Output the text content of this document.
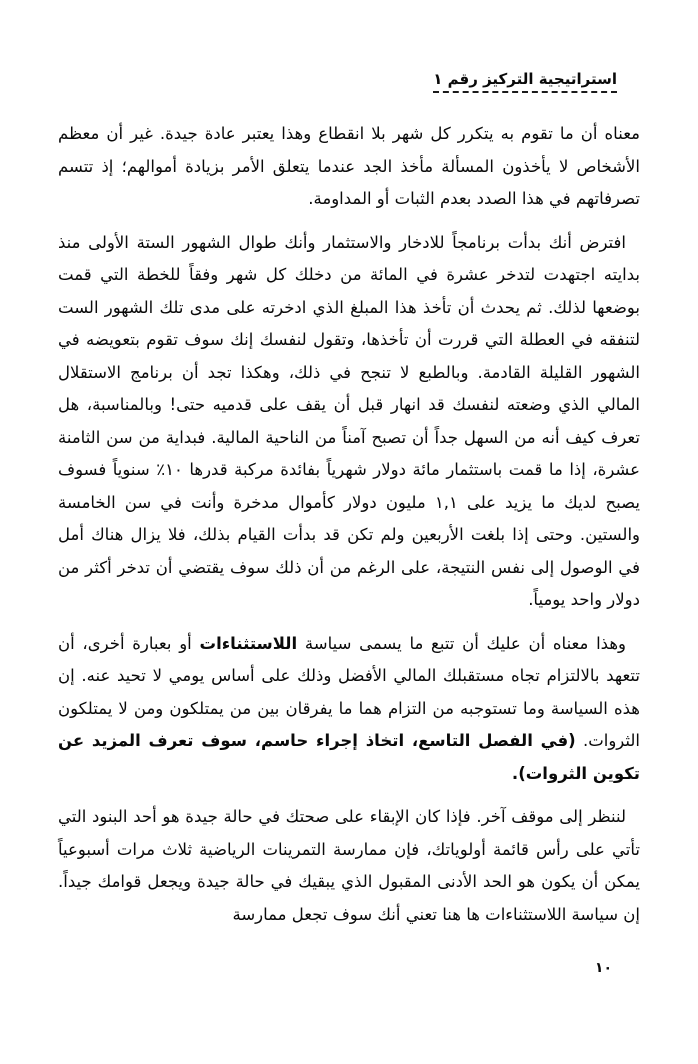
استراتيجية التركيز رقم ١

معناه أن ما تقوم به يتكرر كل شهر بلا انقطاع وهذا يعتبر عادة جيدة. غير أن معظم الأشخاص لا يأخذون المسألة مأخذ الجد عندما يتعلق الأمر بزيادة أموالهم؛ إذ تتسم تصرفاتهم في هذا الصدد بعدم الثبات أو المداومة.

افترض أنك بدأت برنامجاً للادخار والاستثمار وأنك طوال الشهور الستة الأولى منذ بدايته اجتهدت لتدخر عشرة في المائة من دخلك كل شهر وفقاً للخطة التي قمت بوضعها لذلك. ثم يحدث أن تأخذ هذا المبلغ الذي ادخرته على مدى تلك الشهور الست لتنفقه في العطلة التي قررت أن تأخذها، وتقول لنفسك إنك سوف تقوم بتعويضه في الشهور القليلة القادمة. وبالطبع لا تنجح في ذلك، وهكذا تجد أن برنامج الاستقلال المالي الذي وضعته لنفسك قد انهار قبل أن يقف على قدميه حتى! وبالمناسبة، هل تعرف كيف أنه من السهل جداً أن تصبح آمناً من الناحية المالية. فبداية من سن الثامنة عشرة، إذا ما قمت باستثمار مائة دولار شهرياً بفائدة مركبة قدرها ١٠٪ سنوياً فسوف يصبح لديك ما يزيد على ١,١ مليون دولار كأموال مدخرة وأنت في سن الخامسة والستين. وحتى إذا بلغت الأربعين ولم تكن قد بدأت القيام بذلك، فلا يزال هناك أمل في الوصول إلى نفس النتيجة، على الرغم من أن ذلك سوف يقتضي أن تدخر أكثر من دولار واحد يومياً.

وهذا معناه أن عليك أن تتبع ما يسمى سياسة اللاستثناءات أو بعبارة أخرى، أن تتعهد بالالتزام تجاه مستقبلك المالي الأفضل وذلك على أساس يومي لا تحيد عنه. إن هذه السياسة وما تستوجبه من التزام هما ما يفرقان بين من يمتلكون ومن لا يمتلكون الثروات. (في الفصل التاسع، اتخاذ إجراء حاسم، سوف تعرف المزيد عن تكوين الثروات).

لننظر إلى موقف آخر. فإذا كان الإبقاء على صحتك في حالة جيدة هو أحد البنود التي تأتي على رأس قائمة أولوياتك، فإن ممارسة التمرينات الرياضية ثلاث مرات أسبوعياً يمكن أن يكون هو الحد الأدنى المقبول الذي يبقيك في حالة جيدة ويجعل قوامك جيداً. إن سياسة اللاستثناءات ها هنا تعني أنك سوف تجعل ممارسة

١٠
